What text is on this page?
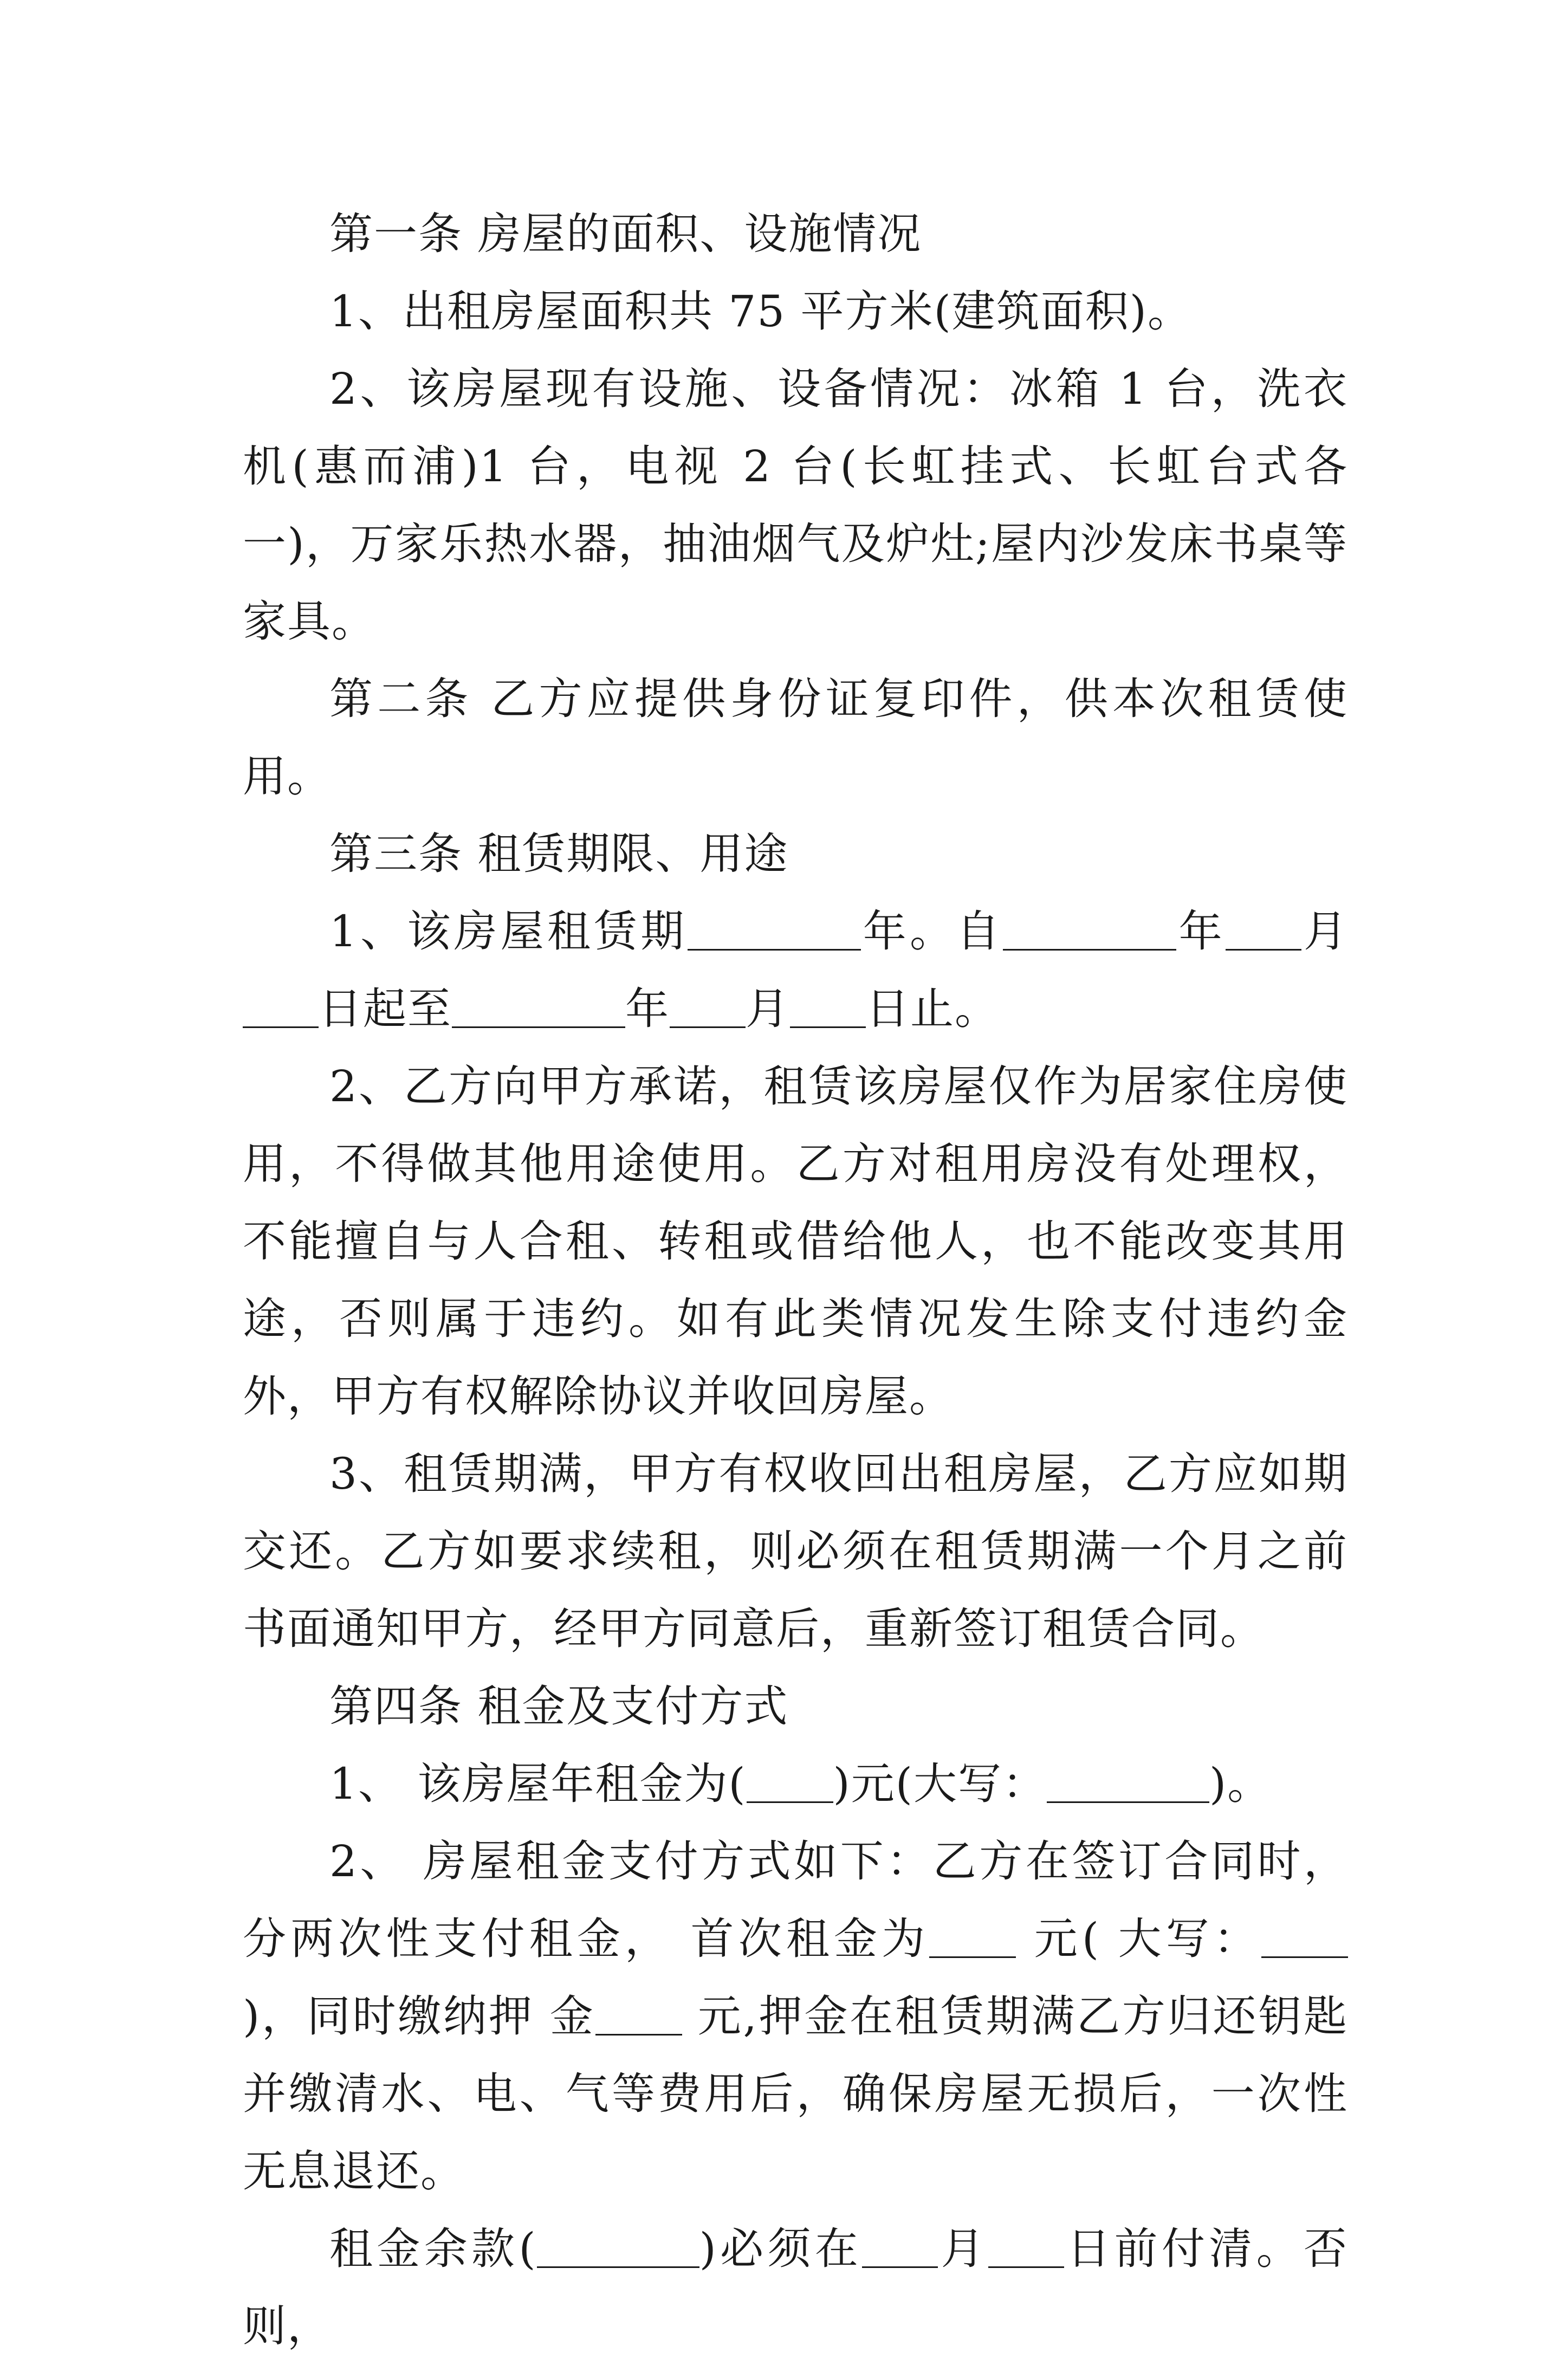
第一条 房屋的面积、设施情况

1、出租房屋面积共 75 平方米(建筑面积)。

2、该房屋现有设施、设备情况：冰箱 1 台，洗衣机(惠而浦)1 台，电视 2 台(长虹挂式、长虹台式各一)，万家乐热水器，抽油烟气及炉灶;屋内沙发床书桌等家具。

第二条 乙方应提供身份证复印件，供本次租赁使用。

第三条 租赁期限、用途

1、该房屋租赁期	年。自	年 月日起至	年 月 日止。

2、乙方向甲方承诺，租赁该房屋仅作为居家住房使用，不得做其他用途使用。乙方对租用房没有处理权，不能擅自与人合租、转租或借给他人，也不能改变其用途，否则属于违约。如有此类情况发生除支付违约金外，甲方有权解除协议并收回房屋。

3、租赁期满，甲方有权收回出租房屋，乙方应如期交还。乙方如要求续租，则必须在租赁期满一个月之前书面通知甲方，经甲方同意后，重新签订租赁合同。

第四条 租金及支付方式

1、 该房屋年租金为( )元(大写：	)。

2、 房屋租金支付方式如下：乙方在签订合同时，分两次性支付租金， 首次租金为 元( 大写： )，同时缴纳押 金 元,押金在租赁期满乙方归还钥匙并缴清水、电、气等费用后，确保房屋无损后，一次性无息退还。

租金余款(	)必须在 月 日前付清。否则，
